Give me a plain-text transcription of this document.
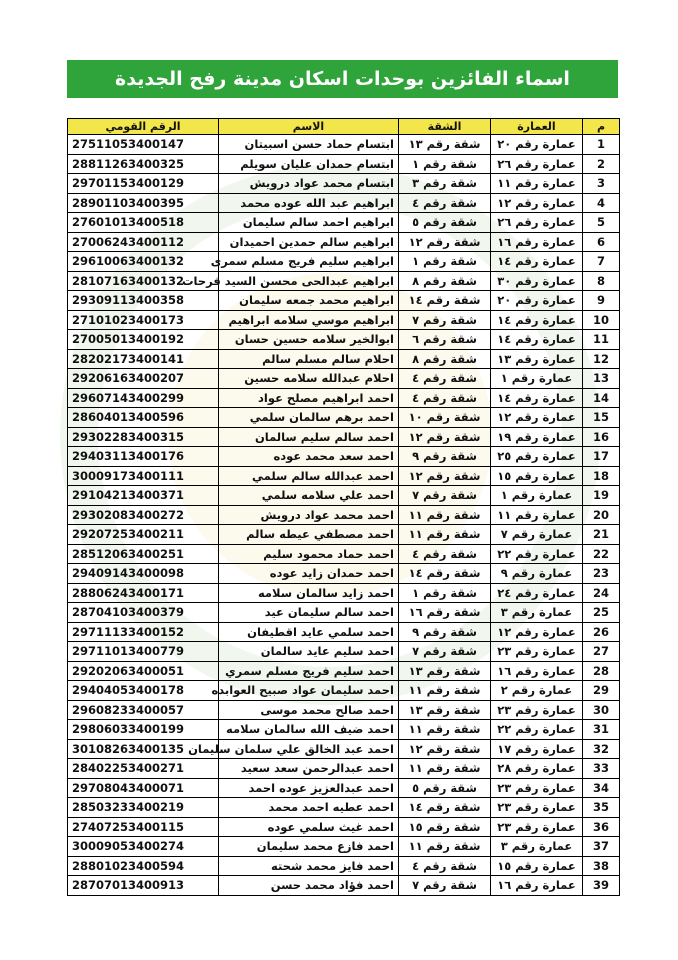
اسماء الفائزين بوحدات اسكان مدينة رفح الجديدة
م	العمارة	الشقة	الاسم	الرقم القومي
1	عمارة رقم ٢٠	شقة رقم ١٣	ابتسام حماد حسن اسبيتان	27511053400147
2	عمارة رقم ٢٦	شقة رقم ١	ابتسام حمدان عليان سويلم	28811263400325
3	عمارة رقم ١١	شقة رقم ٣	ابتسام محمد عواد درويش	29701153400129
4	عمارة رقم ١٢	شقة رقم ٤	ابراهيم عبد الله عوده محمد	28901103400395
5	عمارة رقم ٢٦	شقة رقم ٥	ابراهيم احمد سالم سليمان	27601013400518
6	عمارة رقم ١٦	شقة رقم ١٢	ابراهيم سالم حمدين احميدان	27006243400112
7	عمارة رقم ١٤	شقة رقم ١	ابراهيم سليم فريج مسلم سمرى	29610063400132
8	عمارة رقم ٣٠	شقة رقم ٨	ابراهيم عبدالحى محسن السيد فرحات	28107163400132
9	عمارة رقم ٢٠	شقة رقم ١٤	ابراهيم محمد جمعه سليمان	29309113400358
10	عمارة رقم ١٤	شقة رقم ٧	ابراهيم موسي سلامه ابراهيم	27101023400173
11	عمارة رقم ١٤	شقة رقم ٦	ابوالخير سلامه حسين حسان	27005013400192
12	عمارة رقم ١٣	شقة رقم ٨	احلام سالم مسلم سالم	28202173400141
13	عمارة رقم ١	شقة رقم ٤	احلام عبدالله سلامه حسين	29206163400207
14	عمارة رقم ١٤	شقة رقم ٤	احمد ابراهيم مصلح عواد	29607143400299
15	عمارة رقم ١٢	شقة رقم ١٠	احمد برهم سالمان سلمي	28604013400596
16	عمارة رقم ١٩	شقة رقم ١٢	احمد سالم سليم سالمان	29302283400315
17	عمارة رقم ٢٥	شقة رقم ٩	احمد سعد محمد عوده	29403113400176
18	عمارة رقم ١٥	شقة رقم ١٢	احمد عبدالله سالم سلمي	30009173400111
19	عمارة رقم ١	شقة رقم ٧	احمد علي سلامه سلمي	29104213400371
20	عمارة رقم ١١	شقة رقم ١١	احمد محمد عواد درويش	29302083400272
21	عمارة رقم ٧	شقة رقم ١١	احمد مصطفي عيطه سالم	29207253400211
22	عمارة رقم ٢٢	شقة رقم ٤	احمد حماد محمود سليم	28512063400251
23	عمارة رقم ٩	شقة رقم ١٤	احمد حمدان زايد عوده	29409143400098
24	عمارة رقم ٢٤	شقة رقم ١	احمد زايد سالمان سلامه	28806243400171
25	عمارة رقم ٣	شقة رقم ١٦	احمد سالم سليمان عيد	28704103400379
26	عمارة رقم ١٢	شقة رقم ٩	احمد سلمي عايد اقطيفان	29711133400152
27	عمارة رقم ٢٣	شقة رقم ٧	احمد سليم عايد سالمان	29711013400779
28	عمارة رقم ١٦	شقة رقم ١٣	احمد سليم فريج مسلم سمري	29202063400051
29	عمارة رقم ٢	شقة رقم ١١	احمد سليمان عواد صبيح العوابده	29404053400178
30	عمارة رقم ٢٣	شقة رقم ١٣	احمد صالح محمد موسى	29608233400057
31	عمارة رقم ٢٢	شقة رقم ١١	احمد ضيف الله سالمان سلامه	29806033400199
32	عمارة رقم ١٧	شقة رقم ١٢	احمد عبد الخالق علي سلمان سليمان	30108263400135
33	عمارة رقم ٢٨	شقة رقم ١١	احمد عبدالرحمن سعد سعيد	28402253400271
34	عمارة رقم ٢٣	شقة رقم ٥	احمد عبدالعزيز عوده احمد	29708043400071
35	عمارة رقم ٢٣	شقة رقم ١٤	احمد عطيه احمد محمد	28503233400219
36	عمارة رقم ٢٣	شقة رقم ١٥	احمد غيث سلمي عوده	27407253400115
37	عمارة رقم ٣	شقة رقم ١١	احمد فازع محمد سليمان	30009053400274
38	عمارة رقم ١٥	شقة رقم ٤	احمد فايز محمد شحته	28801023400594
39	عمارة رقم ١٦	شقة رقم ٧	احمد فؤاد محمد حسن	28707013400913
